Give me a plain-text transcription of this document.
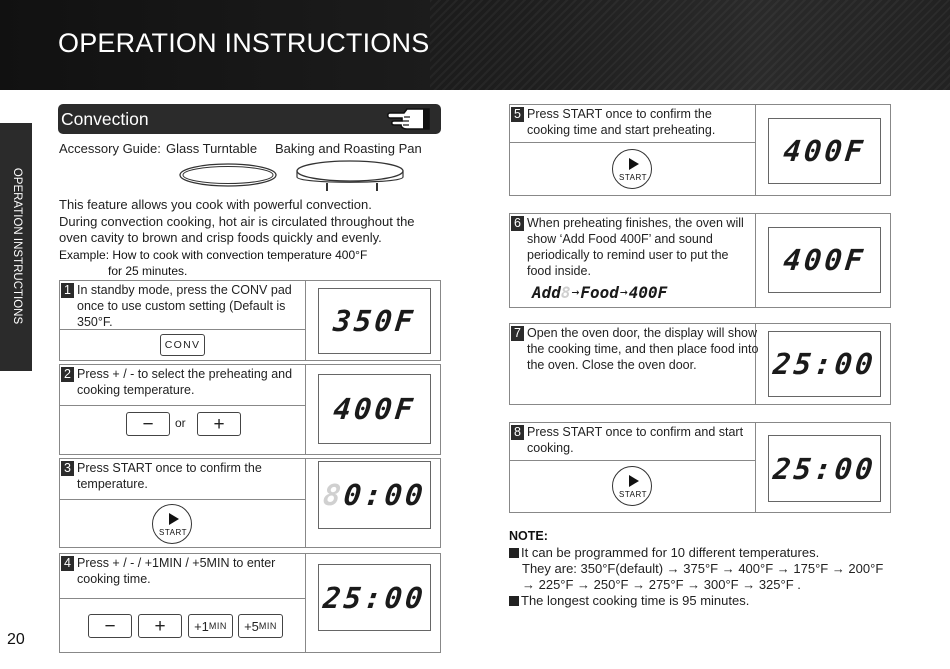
OPERATION INSTRUCTIONS
OPERATION INSTRUCTIONS
20
Convection
Accessory Guide: Glass Turntable Baking and Roasting Pan
This feature allows you cook with powerful convection.
During convection cooking, hot air is circulated throughout the oven cavity to brown and crisp foods quickly and evenly.
Example: How to cook with convection temperature 400°F
for 25 minutes.
1 In standby mode, press the CONV pad once to use custom setting (Default is 350°F.
CONV
350F
2 Press + / - to select the preheating and cooking temperature.
−	or	+	400F
3 Press START once to confirm the temperature.
START
8
0:00
4 Press + / - / +1MIN / +5MIN to enter cooking time.
−	+	+1 MIN +5 MIN
25:00
5 Press START once to confirm the cooking time and start preheating.
START
400F
6 When preheating finishes, the oven will show ‘Add Food 400F’ and sound periodically to remind user to put the food inside.	400F
Add 8 → Food → 400F
7 Open the oven door, the display will show the cooking time, and then place food into the oven. Close the oven door.	25:00
8 Press START once to confirm and start cooking.
START
25:00
NOTE:
It can be programmed for 10 different temperatures.
They are: 350°F(default) → 375°F → 400°F → 175°F → 200°F
→ 225°F → 250°F → 275°F → 300°F → 325°F .
The longest cooking time is 95 minutes.
